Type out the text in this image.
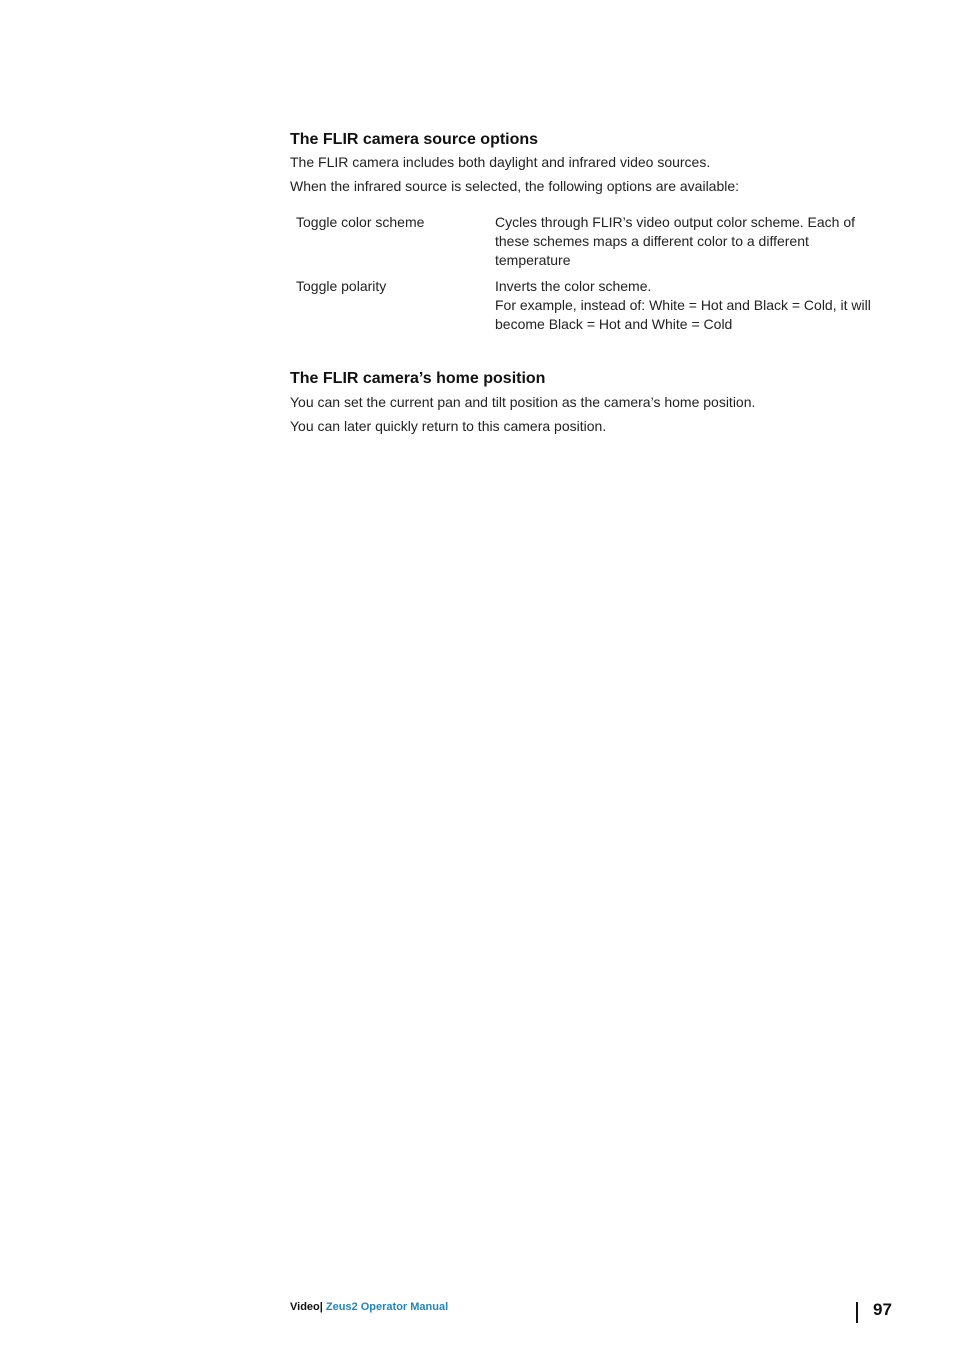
The FLIR camera source options

The FLIR camera includes both daylight and infrared video sources.

When the infrared source is selected, the following options are available:

Toggle color scheme	Cycles through FLIR’s video output color scheme. Each of these schemes maps a different color to a different temperature

Toggle polarity	Inverts the color scheme.
For example, instead of: White = Hot and Black = Cold, it will become Black = Hot and White = Cold
The FLIR camera’s home position

You can set the current pan and tilt position as the camera’s home position.

You can later quickly return to this camera position.

Video| Zeus2 Operator Manual	97
